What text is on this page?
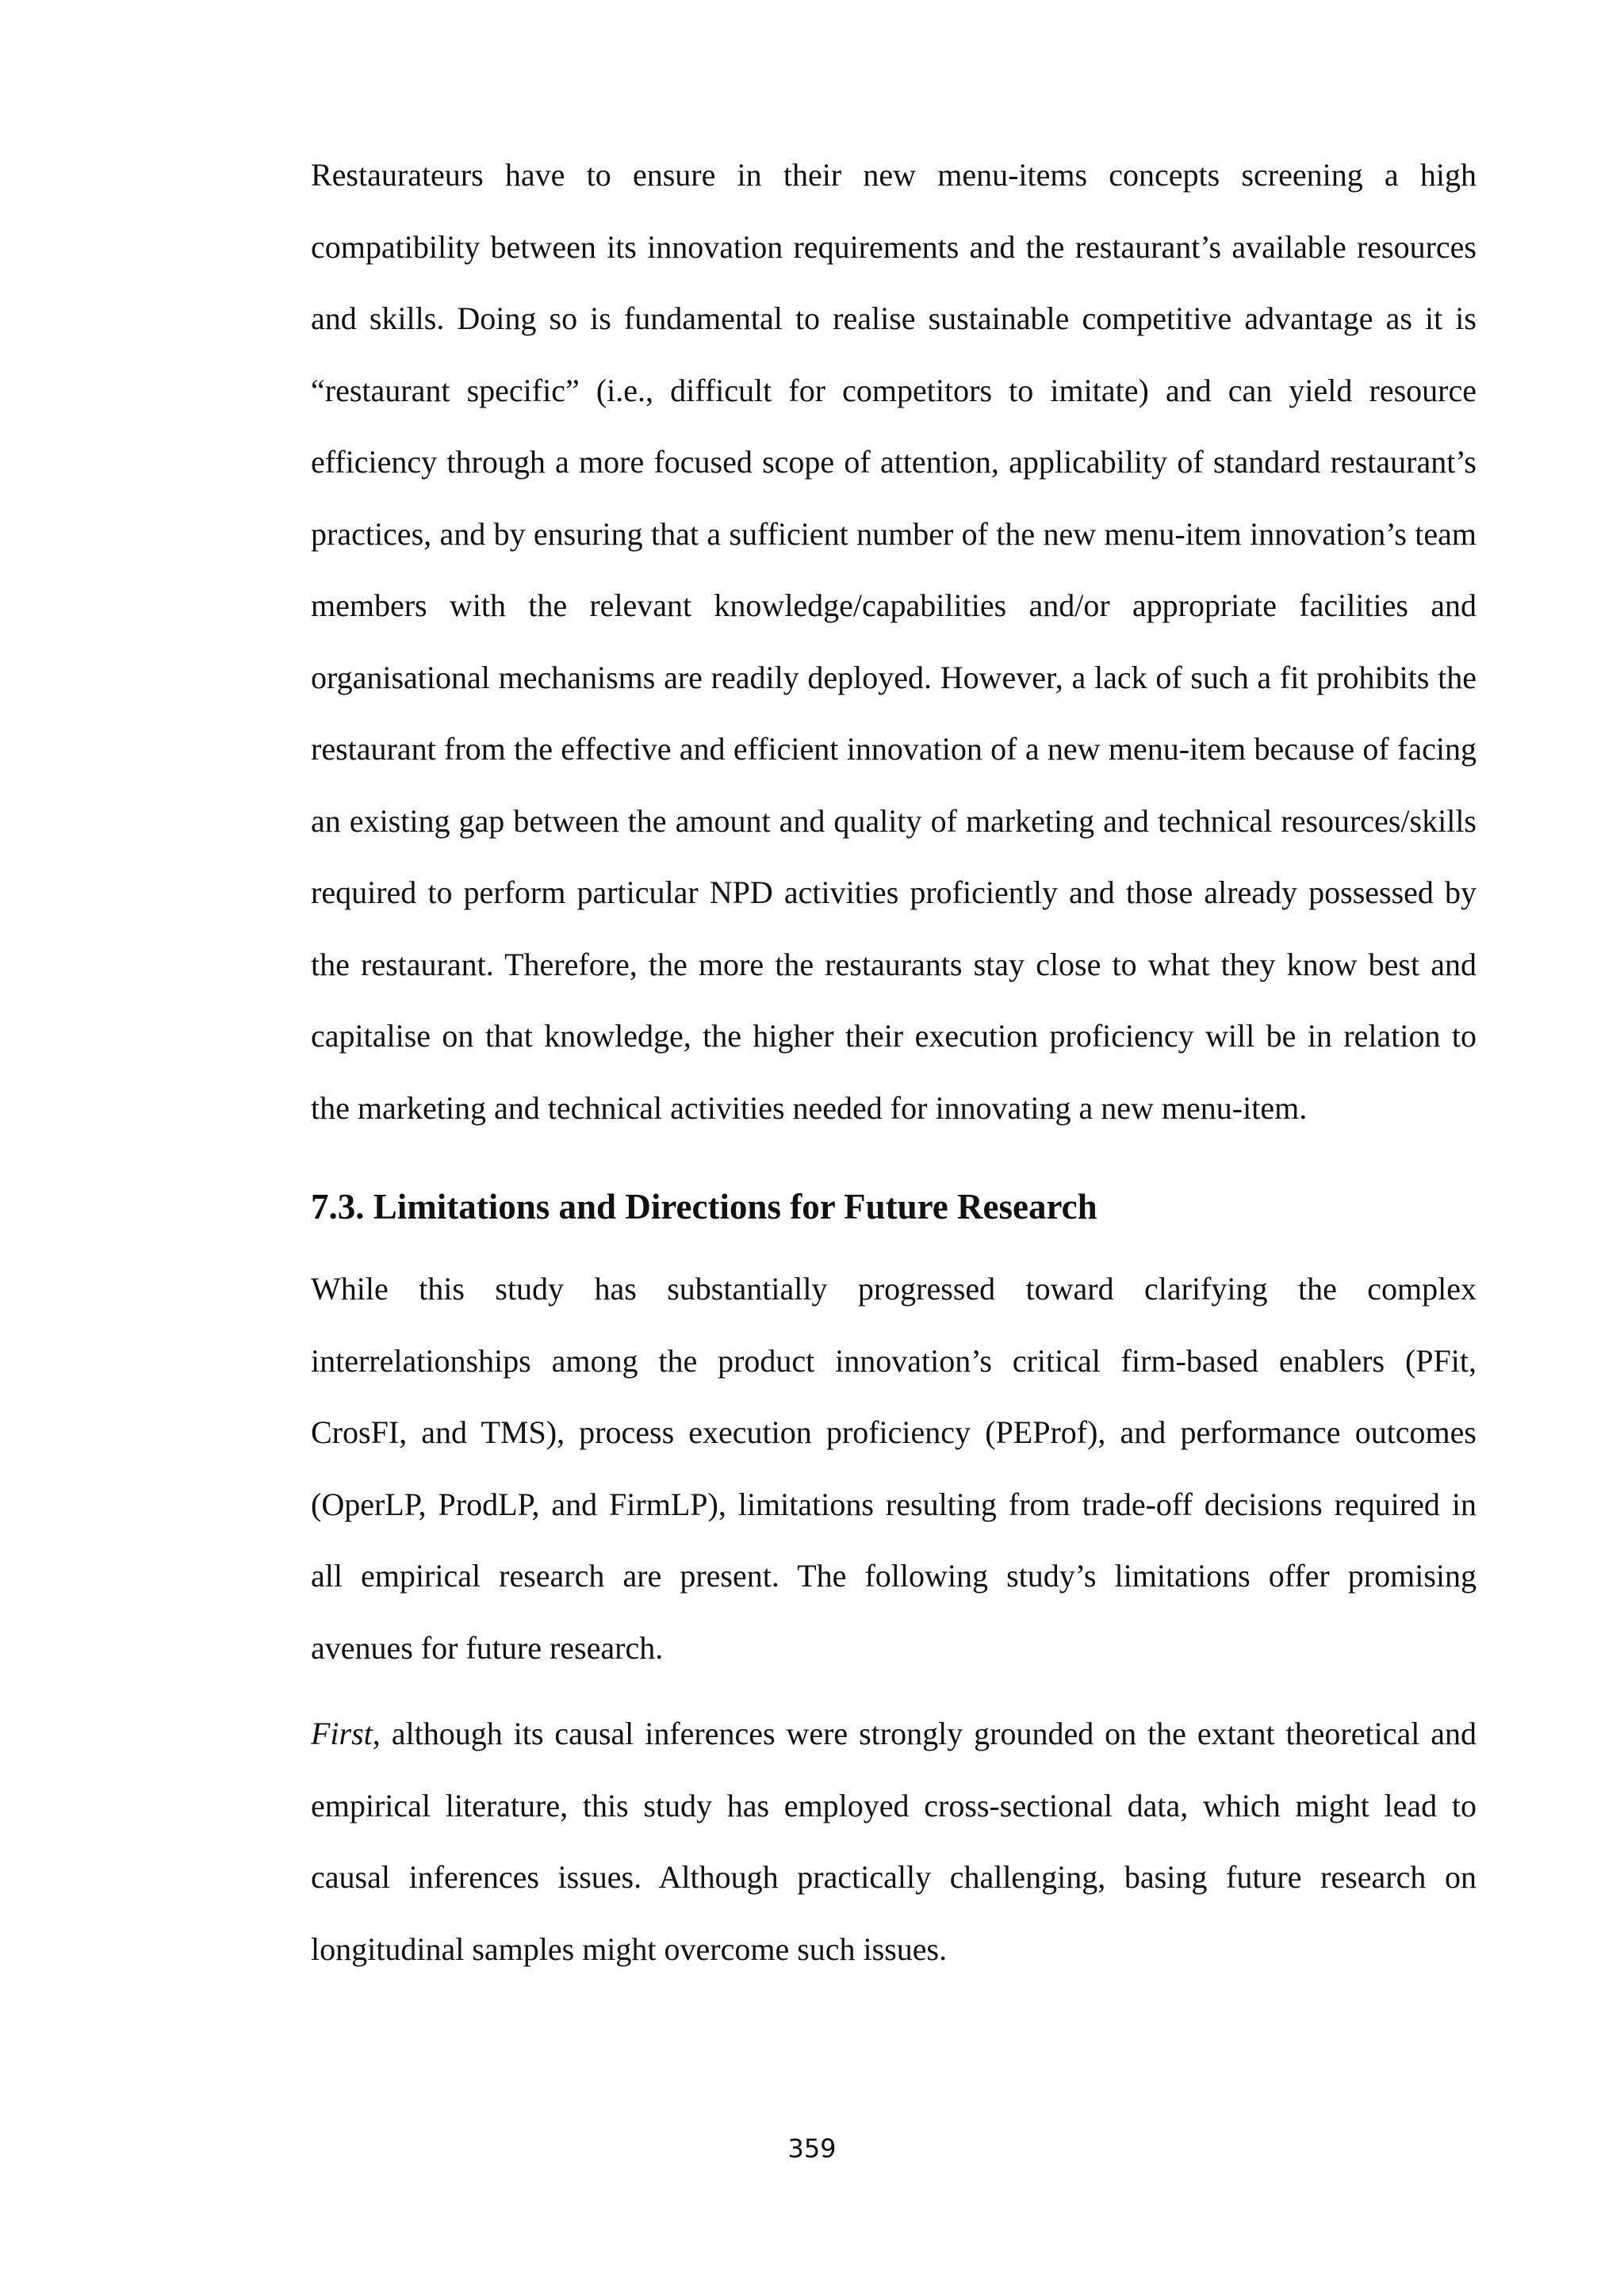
Restaurateurs have to ensure in their new menu-items concepts screening a high compatibility between its innovation requirements and the restaurant’s available resources and skills. Doing so is fundamental to realise sustainable competitive advantage as it is “restaurant specific” (i.e., difficult for competitors to imitate) and can yield resource efficiency through a more focused scope of attention, applicability of standard restaurant’s practices, and by ensuring that a sufficient number of the new menu-item innovation’s team members with the relevant knowledge/capabilities and/or appropriate facilities and organisational mechanisms are readily deployed. However, a lack of such a fit prohibits the restaurant from the effective and efficient innovation of a new menu-item because of facing an existing gap between the amount and quality of marketing and technical resources/skills required to perform particular NPD activities proficiently and those already possessed by the restaurant. Therefore, the more the restaurants stay close to what they know best and capitalise on that knowledge, the higher their execution proficiency will be in relation to the marketing and technical activities needed for innovating a new menu-item.

7.3. Limitations and Directions for Future Research

While this study has substantially progressed toward clarifying the complex interrelationships among the product innovation’s critical firm-based enablers (PFit, CrosFI, and TMS), process execution proficiency (PEProf), and performance outcomes (OperLP, ProdLP, and FirmLP), limitations resulting from trade-off decisions required in all empirical research are present. The following study’s limitations offer promising avenues for future research.

First, although its causal inferences were strongly grounded on the extant theoretical and empirical literature, this study has employed cross-sectional data, which might lead to causal inferences issues. Although practically challenging, basing future research on longitudinal samples might overcome such issues.

359
